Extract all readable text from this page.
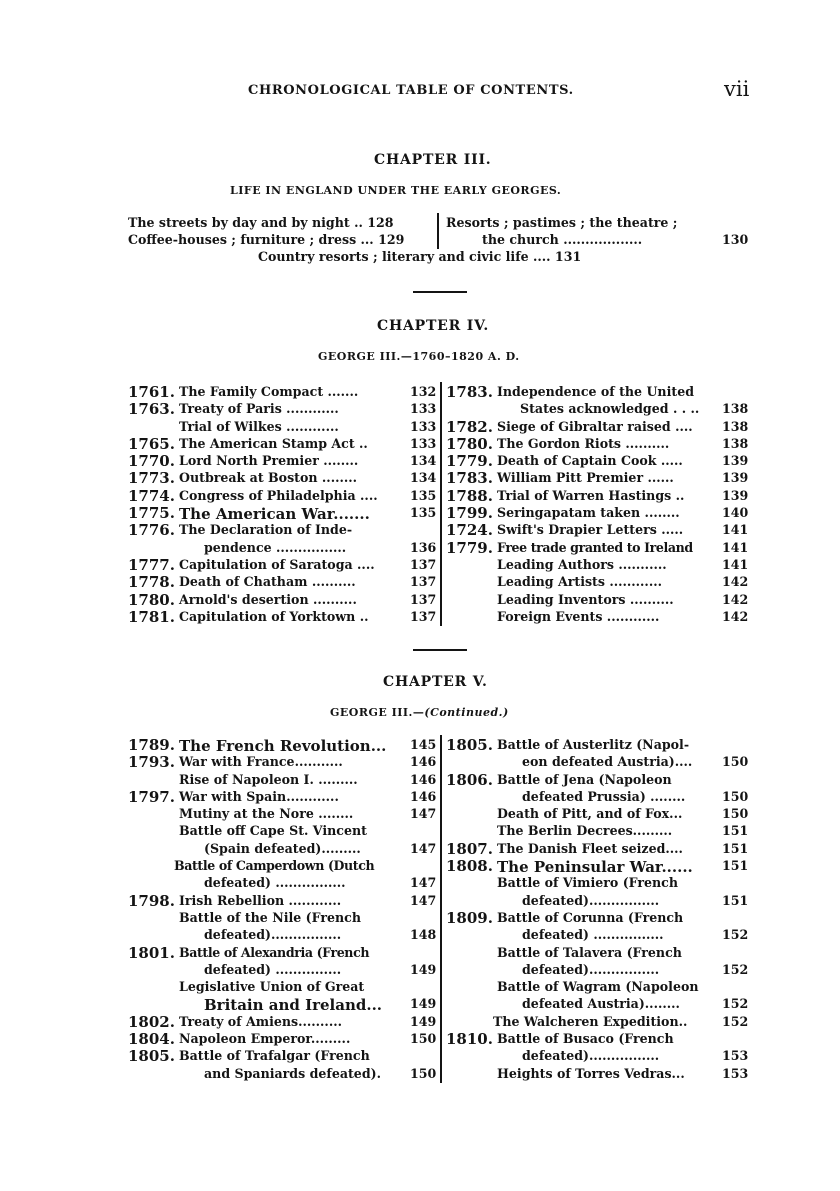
CHRONOLOGICAL TABLE OF CONTENTS.	vii
CHAPTER III.
LIFE IN ENGLAND UNDER THE EARLY GEORGES.
The streets by day and by night .. 128	Resorts ; pastimes ; the theatre ;
Coffee-houses ; furniture ; dress ... 129	the church ..................	130
Country resorts ; literary and civic life .... 131
CHAPTER IV.
GEORGE III.—1760–1820 A. D.
1761. The Family Compact .......	132
1763. Treaty of Paris ............	133
Trial of Wilkes ............	133
1765. The American Stamp Act ..	133
1770. Lord North Premier ........	134
1773. Outbreak at Boston ........	134
1774. Congress of Philadelphia ....	135
1775. The American War.......	135
1776. The Declaration of Inde-
pendence ................	136
1777. Capitulation of Saratoga ....	137
1778. Death of Chatham ..........	137
1780. Arnold's desertion ..........	137
1781. Capitulation of Yorktown ..	137
1783. Independence of the United
States acknowledged . . .. 138
1782. Siege of Gibraltar raised .... 138
1780. The Gordon Riots ..........	138
1779. Death of Captain Cook .....	139
1783. William Pitt Premier ......	139
1788. Trial of Warren Hastings ..	139
1799. Seringapatam taken ........	140
1724. Swift's Drapier Letters .....	141
1779. Free trade granted to Ireland 141
Leading Authors ...........	141
Leading Artists ............	142
Leading Inventors ..........	142
Foreign Events ............	142
CHAPTER V.
GEORGE III.—(Continued.)
1789. The French Revolution... 145
1793. War with France...........	146
Rise of Napoleon I. .........	146
1797. War with Spain............	146
Mutiny at the Nore ........	147
Battle off Cape St. Vincent
(Spain defeated).........	147
Battle of Camperdown (Dutch
defeated) ................	147
1798. Irish Rebellion ............	147
Battle of the Nile (French
defeated)................	148
1801. Battle of Alexandria (French
defeated) ...............	149
Legislative Union of Great
Britain and Ireland... 149
1802. Treaty of Amiens..........	149
1804. Napoleon Emperor.........	150
1805. Battle of Trafalgar (French
and Spaniards defeated). 150
1805. Battle of Austerlitz (Napol-
eon defeated Austria).... 150
1806. Battle of Jena (Napoleon
defeated Prussia) ........	150
Death of Pitt, and of Fox...	150
The Berlin Decrees.........	151
1807. The Danish Fleet seized....	151
1808. The Peninsular War...... 151
Battle of Vimiero (French
defeated)................	151
1809. Battle of Corunna (French
defeated) ................	152
Battle of Talavera (French
defeated)................	152
Battle of Wagram (Napoleon
defeated Austria)........	152
The Walcheren Expedition..	152
1810. Battle of Busaco (French
defeated)................	153
Heights of Torres Vedras...	153
